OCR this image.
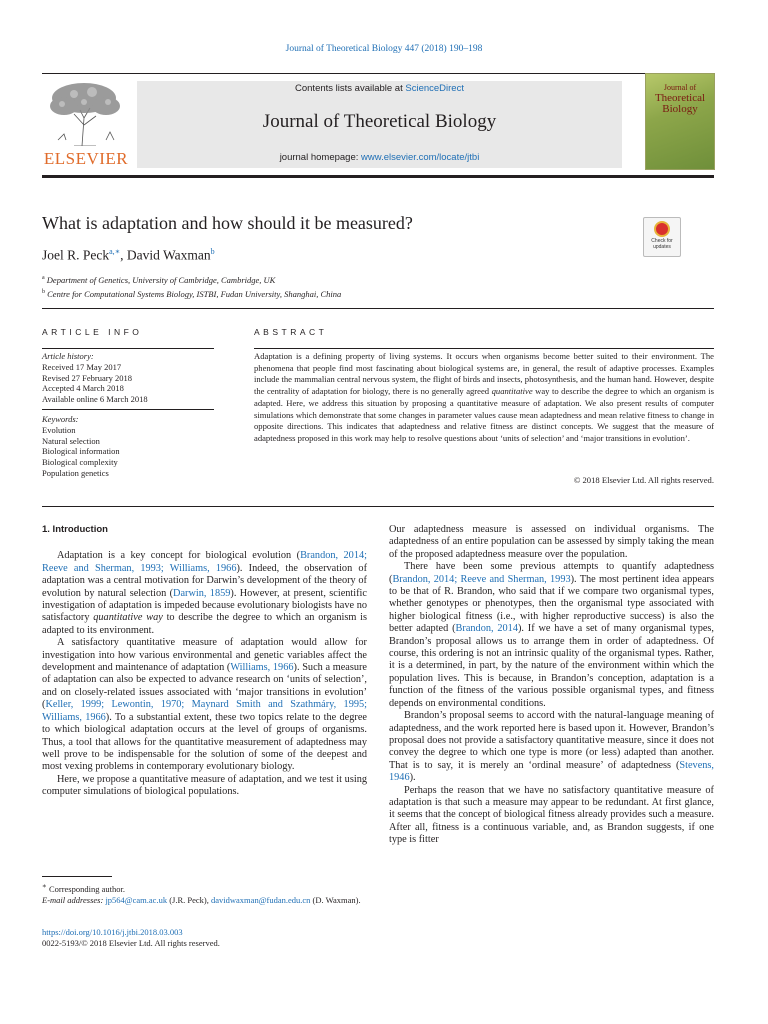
Journal of Theoretical Biology 447 (2018) 190–198
ELSEVIER
Contents lists available at ScienceDirect
Journal of Theoretical Biology
journal homepage: www.elsevier.com/locate/jtbi
Journal of
Theoretical Biology
What is adaptation and how should it be measured?
Check for updates
Joel R. Peck$^{a,∗}$, David Waxman$^b$
$^a$ Department of Genetics, University of Cambridge, Cambridge, UK
$^b$ Centre for Computational Systems Biology, ISTBI, Fudan University, Shanghai, China
ARTICLE INFO	ABSTRACT
Article history:
Received 17 May 2017
Revised 27 February 2018
Accepted 4 March 2018
Available online 6 March 2018
Keywords:
Evolution
Natural selection
Biological information
Biological complexity
Population genetics
Adaptation is a defining property of living systems. It occurs when organisms become better suited to their environment. The phenomena that people find most fascinating about biological systems are, in general, the result of adaptive processes. Examples include the mammalian central nervous system, the flight of birds and insects, photosynthesis, and the human hand. However, despite the centrality of adaptation for biology, there is no generally agreed quantitative way to describe the degree to which an organism is adapted. Here, we address this situation by proposing a quantitative measure of adaptation. We also present results of computer simulations which demonstrate that some changes in parameter values cause mean adaptedness and mean relative fitness to change in opposite directions. This indicates that adaptedness and relative fitness are distinct concepts. We suggest that the measure of adaptedness proposed in this work may help to resolve questions about ‘units of selection’ and ‘major transitions in evolution’.
© 2018 Elsevier Ltd. All rights reserved.
1. Introduction

Adaptation is a key concept for biological evolution (Brandon, 2014; Reeve and Sherman, 1993; Williams, 1966). Indeed, the observation of adaptation was a central motivation for Darwin’s development of the theory of evolution by natural selection (Darwin, 1859). However, at present, scientific investigation of adaptation is impeded because evolutionary biologists have no satisfactory quantitative way to describe the degree to which an organism is adapted to its environment.

A satisfactory quantitative measure of adaptation would allow for investigation into how various environmental and genetic variables affect the development and maintenance of adaptation (Williams, 1966). Such a measure of adaptation can also be expected to advance research on ‘units of selection’, and on closely-related issues associated with ‘major transitions in evolution’ (Keller, 1999; Lewontin, 1970; Maynard Smith and Szathmáry, 1995; Williams, 1966). To a substantial extent, these two topics relate to the degree to which biological adaptation occurs at the level of groups of organisms. Thus, a tool that allows for the quantitative measurement of adaptedness may well prove to be indispensable for the solution of some of the deepest and most vexing problems in contemporary evolutionary biology.

Here, we propose a quantitative measure of adaptation, and we test it using computer simulations of biological populations.

Our adaptedness measure is assessed on individual organisms. The adaptedness of an entire population can be assessed by simply taking the mean of the proposed adaptedness measure over the population.

There have been some previous attempts to quantify adaptedness (Brandon, 2014; Reeve and Sherman, 1993). The most pertinent idea appears to be that of R. Brandon, who said that if we compare two organismal types, whether genotypes or phenotypes, then the organismal type associated with higher biological fitness (i.e., with higher reproductive success) is also the better adapted (Brandon, 2014). If we have a set of many organismal types, Brandon’s proposal allows us to arrange them in order of adaptedness. Of course, this ordering is not an intrinsic quality of the organismal types. Rather, it is a determined, in part, by the nature of the environment within which the population lives. This is because, in Brandon’s conception, adaptation is a function of the fitness of the various possible organismal types, and fitness depends on environmental conditions.

Brandon’s proposal seems to accord with the natural-language meaning of adaptedness, and the work reported here is based upon it. However, Brandon’s proposal does not provide a satisfactory quantitative measure, since it does not convey the degree to which one type is more (or less) adapted than another. That is to say, it is merely an ‘ordinal measure’ of adaptedness (Stevens, 1946).

Perhaps the reason that we have no satisfactory quantitative measure of adaptation is that such a measure may appear to be redundant. At first glance, it seems that the concept of biological fitness already provides such a measure. After all, fitness is a continuous variable, and, as Brandon suggests, if one type is fitter

∗ Corresponding author.
E-mail addresses: jp564@cam.ac.uk (J.R. Peck), davidwaxman@fudan.edu.cn (D. Waxman).
https://doi.org/10.1016/j.jtbi.2018.03.003
0022-5193/© 2018 Elsevier Ltd. All rights reserved.
